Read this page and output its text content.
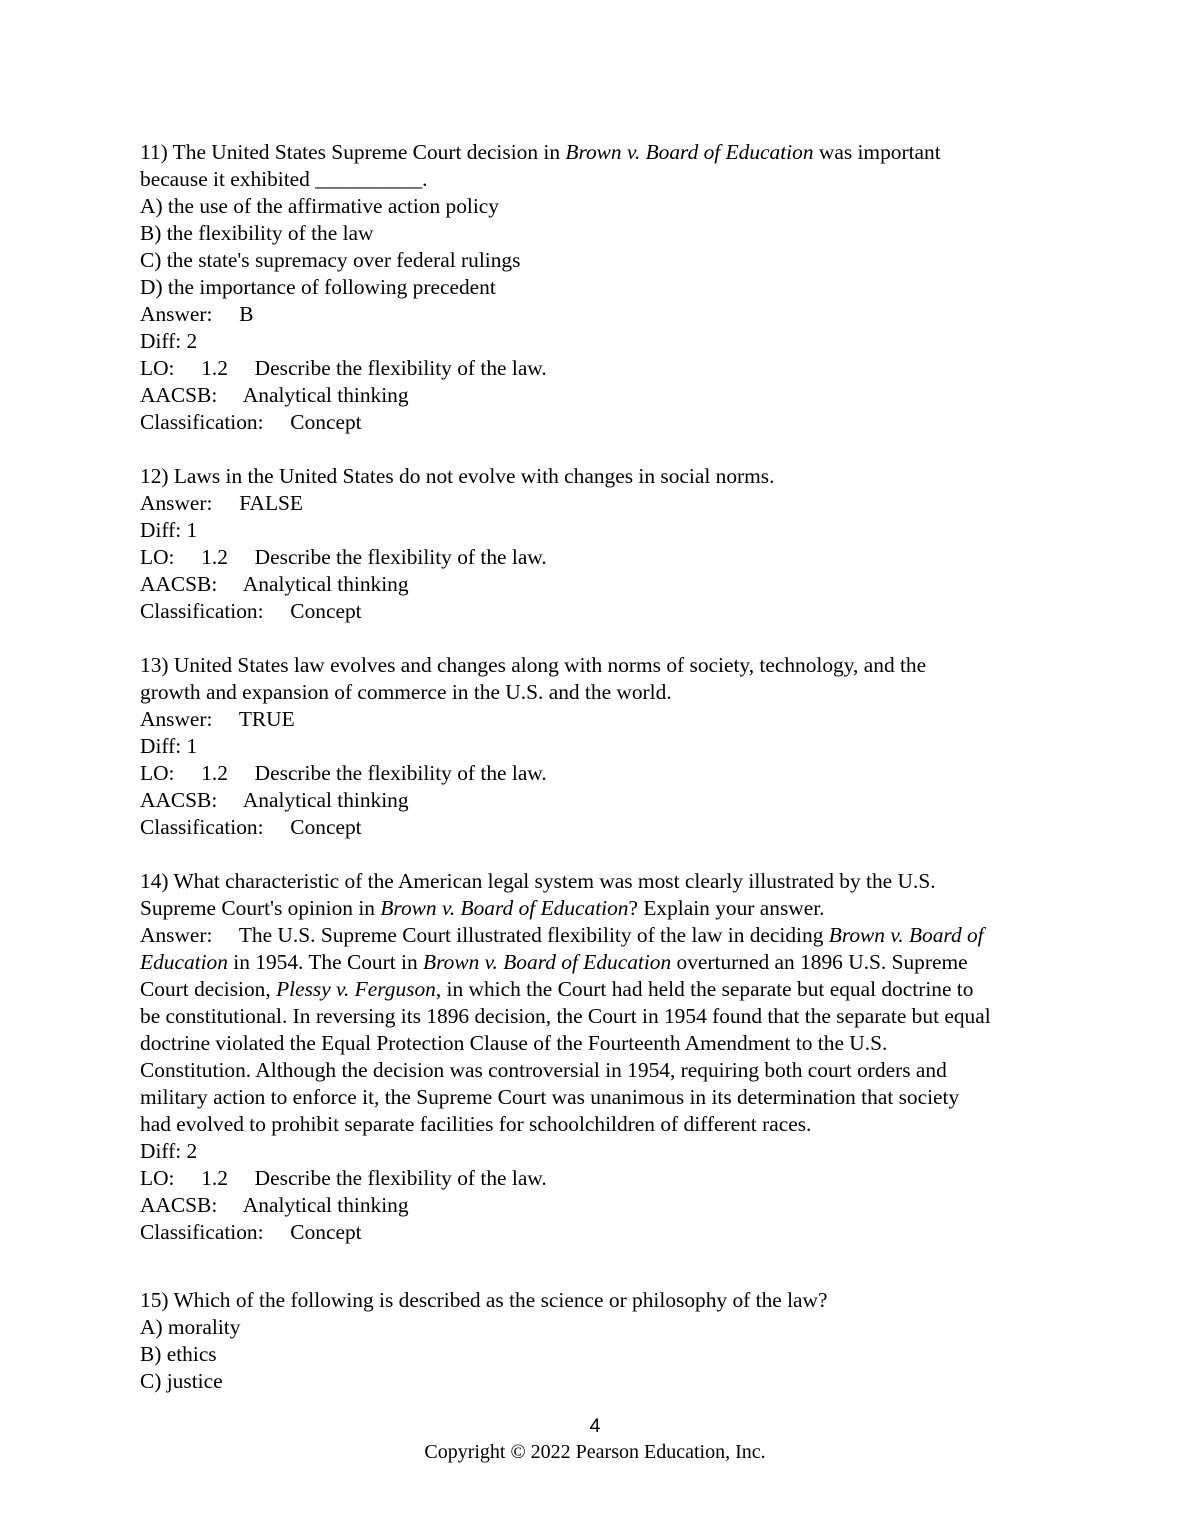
11) The United States Supreme Court decision in Brown v. Board of Education was important
because it exhibited __________.
A) the use of the affirmative action policy
B) the flexibility of the law
C) the state's supremacy over federal rulings
D) the importance of following precedent
Answer:     B
Diff: 2
LO:     1.2     Describe the flexibility of the law.
AACSB:     Analytical thinking
Classification:     Concept
12) Laws in the United States do not evolve with changes in social norms.
Answer:     FALSE
Diff: 1
LO:     1.2     Describe the flexibility of the law.
AACSB:     Analytical thinking
Classification:     Concept
13) United States law evolves and changes along with norms of society, technology, and the
growth and expansion of commerce in the U.S. and the world.
Answer:     TRUE
Diff: 1
LO:     1.2     Describe the flexibility of the law.
AACSB:     Analytical thinking
Classification:     Concept
14) What characteristic of the American legal system was most clearly illustrated by the U.S.
Supreme Court's opinion in Brown v. Board of Education? Explain your answer.
Answer:     The U.S. Supreme Court illustrated flexibility of the law in deciding Brown v. Board of
Education in 1954. The Court in Brown v. Board of Education overturned an 1896 U.S. Supreme
Court decision, Plessy v. Ferguson, in which the Court had held the separate but equal doctrine to
be constitutional. In reversing its 1896 decision, the Court in 1954 found that the separate but equal
doctrine violated the Equal Protection Clause of the Fourteenth Amendment to the U.S.
Constitution. Although the decision was controversial in 1954, requiring both court orders and
military action to enforce it, the Supreme Court was unanimous in its determination that society
had evolved to prohibit separate facilities for schoolchildren of different races.
Diff: 2
LO:     1.2     Describe the flexibility of the law.
AACSB:     Analytical thinking
Classification:     Concept
15) Which of the following is described as the science or philosophy of the law?
A) morality
B) ethics
C) justice
4
Copyright © 2022 Pearson Education, Inc.
